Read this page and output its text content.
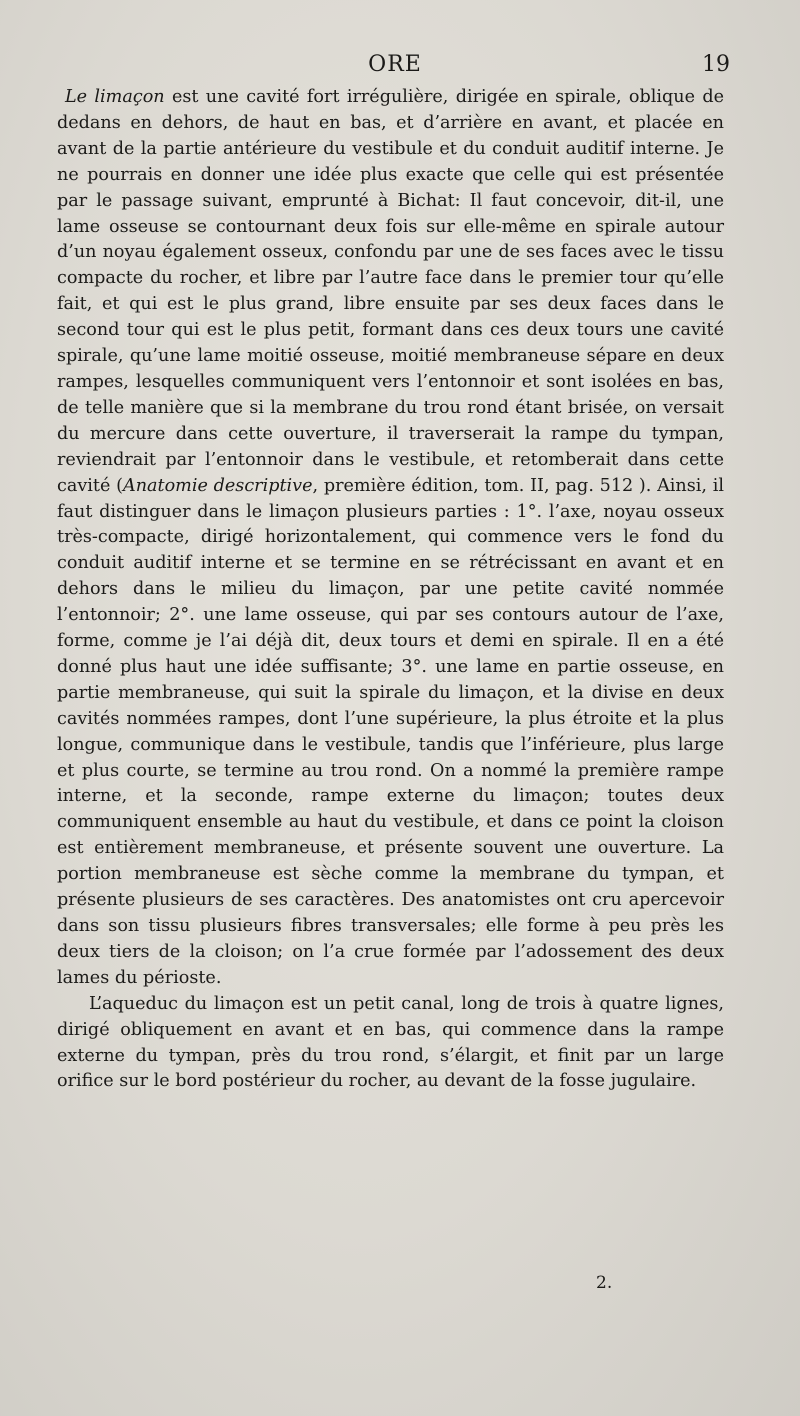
ORE	19

Le limaçon est une cavité fort irrégulière, dirigée en spirale, oblique de dedans en dehors, de haut en bas, et d’arrière en avant, et placée en avant de la partie antérieure du vestibule et du conduit auditif interne. Je ne pourrais en donner une idée plus exacte que celle qui est présentée par le passage suivant, emprunté à Bichat: Il faut concevoir, dit-il, une lame osseuse se contournant deux fois sur elle-même en spirale autour d’un noyau également osseux, confondu par une de ses faces avec le tissu compacte du rocher, et libre par l’autre face dans le premier tour qu’elle fait, et qui est le plus grand, libre ensuite par ses deux faces dans le second tour qui est le plus petit, formant dans ces deux tours une cavité spirale, qu’une lame moitié osseuse, moitié membraneuse sépare en deux rampes, lesquelles communiquent vers l’entonnoir et sont isolées en bas, de telle manière que si la membrane du trou rond étant brisée, on versait du mercure dans cette ouverture, il traverserait la rampe du tympan, reviendrait par l’entonnoir dans le vestibule, et retomberait dans cette cavité (Anatomie descriptive, première édition, tom. II, pag. 512 ). Ainsi, il faut distinguer dans le limaçon plusieurs parties : 1°. l’axe, noyau osseux très-compacte, dirigé horizontalement, qui commence vers le fond du conduit auditif interne et se termine en se rétrécissant en avant et en dehors dans le milieu du limaçon, par une petite cavité nommée l’entonnoir; 2°. une lame osseuse, qui par ses contours autour de l’axe, forme, comme je l’ai déjà dit, deux tours et demi en spirale. Il en a été donné plus haut une idée suffisante; 3°. une lame en partie osseuse, en partie membraneuse, qui suit la spirale du limaçon, et la divise en deux cavités nommées rampes, dont l’une supérieure, la plus étroite et la plus longue, communique dans le vestibule, tandis que l’inférieure, plus large et plus courte, se termine au trou rond. On a nommé la première rampe interne, et la seconde, rampe externe du limaçon; toutes deux communiquent ensemble au haut du vestibule, et dans ce point la cloison est entièrement membraneuse, et présente souvent une ouverture. La portion membraneuse est sèche comme la membrane du tympan, et présente plusieurs de ses caractères. Des anatomistes ont cru apercevoir dans son tissu plusieurs fibres transversales; elle forme à peu près les deux tiers de la cloison; on l’a crue formée par l’adossement des deux lames du périoste.

L’aqueduc du limaçon est un petit canal, long de trois à quatre lignes, dirigé obliquement en avant et en bas, qui commence dans la rampe externe du tympan, près du trou rond, s’élargit, et finit par un large orifice sur le bord postérieur du rocher, au devant de la fosse jugulaire.

2.
